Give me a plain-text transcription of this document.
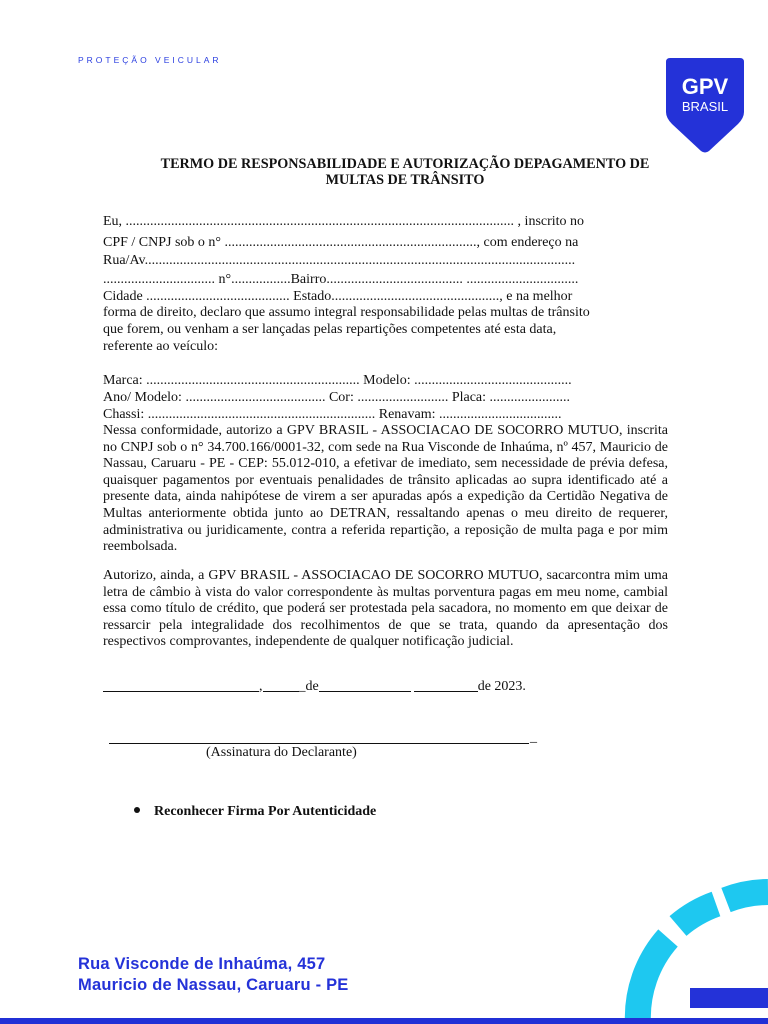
PROTEÇÃO VEICULAR
GPV
BRASIL
TERMO DE RESPONSABILIDADE E AUTORIZAÇÃO DEPAGAMENTO DE
MULTAS DE TRÂNSITO
Eu, ............................................................................................................... , inscrito no
CPF / CNPJ sob o n° ........................................................................, com endereço na
Rua/Av...........................................................................................................................
................................ n°.................Bairro....................................... ................................
Cidade ......................................... Estado................................................, e na melhor
forma de direito, declaro que assumo integral responsabilidade pelas multas de trânsito
que forem, ou venham a ser lançadas pelas repartições competentes até esta data,
referente ao veículo:
Marca: ............................................................. Modelo: .............................................
Ano/ Modelo: ........................................ Cor: .......................... Placa: .......................
Chassi: ................................................................. Renavam: ...................................
Nessa conformidade, autorizo a GPV BRASIL - ASSOCIACAO DE SOCORRO MUTUO, inscrita no CNPJ sob o n° 34.700.166/0001-32, com sede na Rua Visconde de Inhaúma, nº 457, Mauricio de Nassau, Caruaru - PE - CEP: 55.012-010, a efetivar de imediato, sem necessidade de prévia defesa, quaisquer pagamentos por eventuais penalidades de trânsito aplicadas ao supra identificado até a presente data, ainda nahipótese de virem a ser apuradas após a expedição da Certidão Negativa de Multas anteriormente obtida junto ao DETRAN, ressaltando apenas o meu direito de requerer, administrativa ou juridicamente, contra a referida repartição, a reposição de multa paga e por mim reembolsada.
Autorizo, ainda, a GPV BRASIL - ASSOCIACAO DE SOCORRO MUTUO, sacarcontra mim uma letra de câmbio à vista do valor correspondente às multas porventura pagas em meu nome, cambial essa como título de crédito, que poderá ser protestada pela sacadora, no momento em que deixar de ressarcir pela integralidade dos recolhimentos de que se trata, quando da apresentação dos respectivos comprovantes, independente de qualquer notificação judicial.
,	_de	de 2023.
_
(Assinatura do Declarante)
Reconhecer Firma Por Autenticidade
Rua Visconde de Inhaúma, 457
Mauricio de Nassau, Caruaru - PE
